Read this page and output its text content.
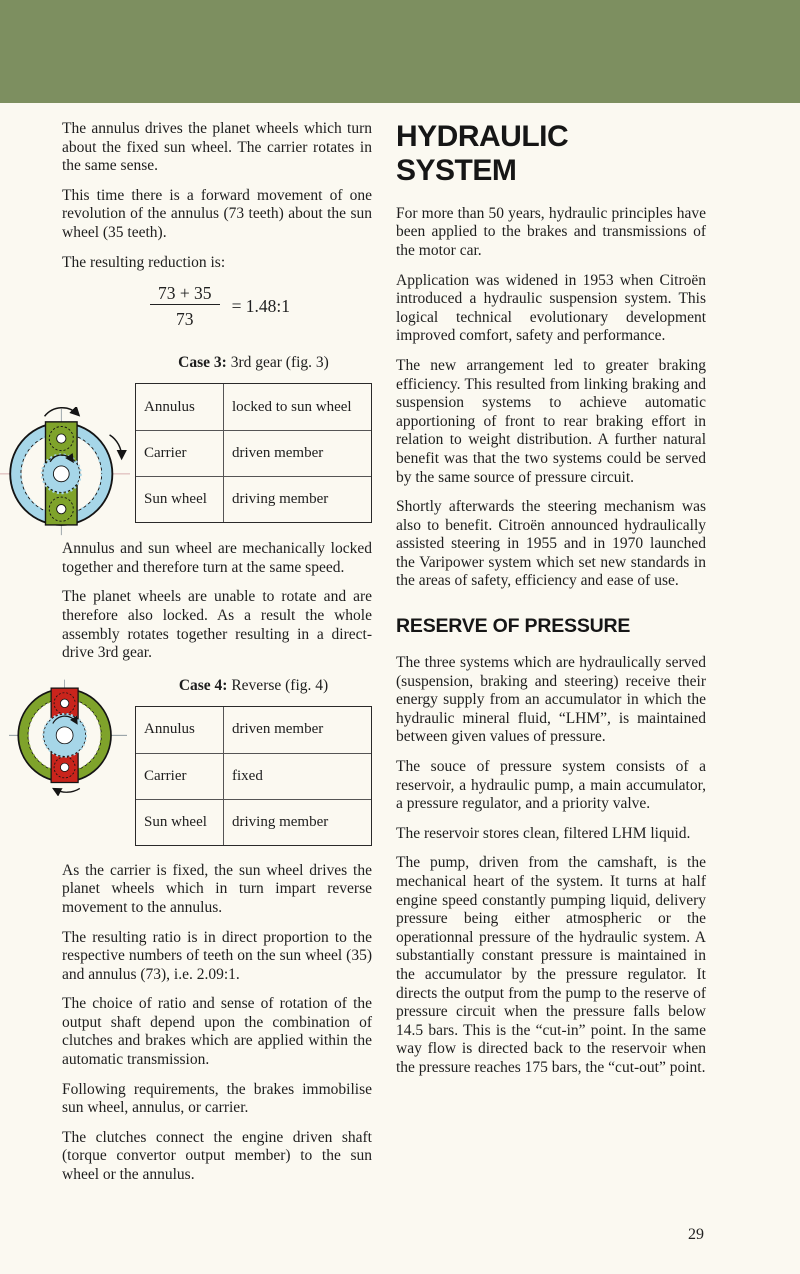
The annulus drives the planet wheels which turn about the fixed sun wheel. The carrier rotates in the same sense.

This time there is a forward movement of one revolution of the annulus (73 teeth) about the sun wheel (35 teeth).

The resulting reduction is:

$\frac{73 + 35}{73}$ = 1.48:1
Case 3: 3rd gear (fig. 3)
Annulus	locked to sun wheel
Carrier	driven member
Sun wheel	driving member

Annulus and sun wheel are mechanically locked together and therefore turn at the same speed.

The planet wheels are unable to rotate and are therefore also locked. As a result the whole assembly rotates together resulting in a direct-drive 3rd gear.

Case 4: Reverse (fig. 4)
Annulus	driven member
Carrier	fixed
Sun wheel	driving member

As the carrier is fixed, the sun wheel drives the planet wheels which in turn impart reverse movement to the annulus.

The resulting ratio is in direct proportion to the respective numbers of teeth on the sun wheel (35) and annulus (73), i.e. 2.09:1.

The choice of ratio and sense of rotation of the output shaft depend upon the combination of clutches and brakes which are applied within the automatic transmission.

Following requirements, the brakes immobilise sun wheel, annulus, or carrier.

The clutches connect the engine driven shaft (torque convertor output member) to the sun wheel or the annulus.

HYDRAULIC SYSTEM

For more than 50 years, hydraulic principles have been applied to the brakes and transmissions of the motor car.

Application was widened in 1953 when Citroën introduced a hydraulic suspension system. This logical technical evolutionary development improved comfort, safety and performance.

The new arrangement led to greater braking efficiency. This resulted from linking braking and suspension systems to achieve automatic apportioning of front to rear braking effort in relation to weight distribution. A further natural benefit was that the two systems could be served by the same source of pressure circuit.

Shortly afterwards the steering mechanism was also to benefit. Citroën announced hydraulically assisted steering in 1955 and in 1970 launched the Varipower system which set new standards in the areas of safety, efficiency and ease of use.

RESERVE OF PRESSURE

The three systems which are hydraulically served (suspension, braking and steering) receive their energy supply from an accumulator in which the hydraulic mineral fluid, “LHM”, is maintained between given values of pressure.

The souce of pressure system consists of a reservoir, a hydraulic pump, a main accumulator, a pressure regulator, and a priority valve.

The reservoir stores clean, filtered LHM liquid.

The pump, driven from the camshaft, is the mechanical heart of the system. It turns at half engine speed constantly pumping liquid, delivery pressure being either atmospheric or the operationnal pressure of the hydraulic system. A substantially constant pressure is maintained in the accumulator by the pressure regulator. It directs the output from the pump to the reserve of pressure circuit when the pressure falls below 14.5 bars. This is the “cut-in” point. In the same way flow is directed back to the reservoir when the pressure reaches 175 bars, the “cut-out” point.

29
